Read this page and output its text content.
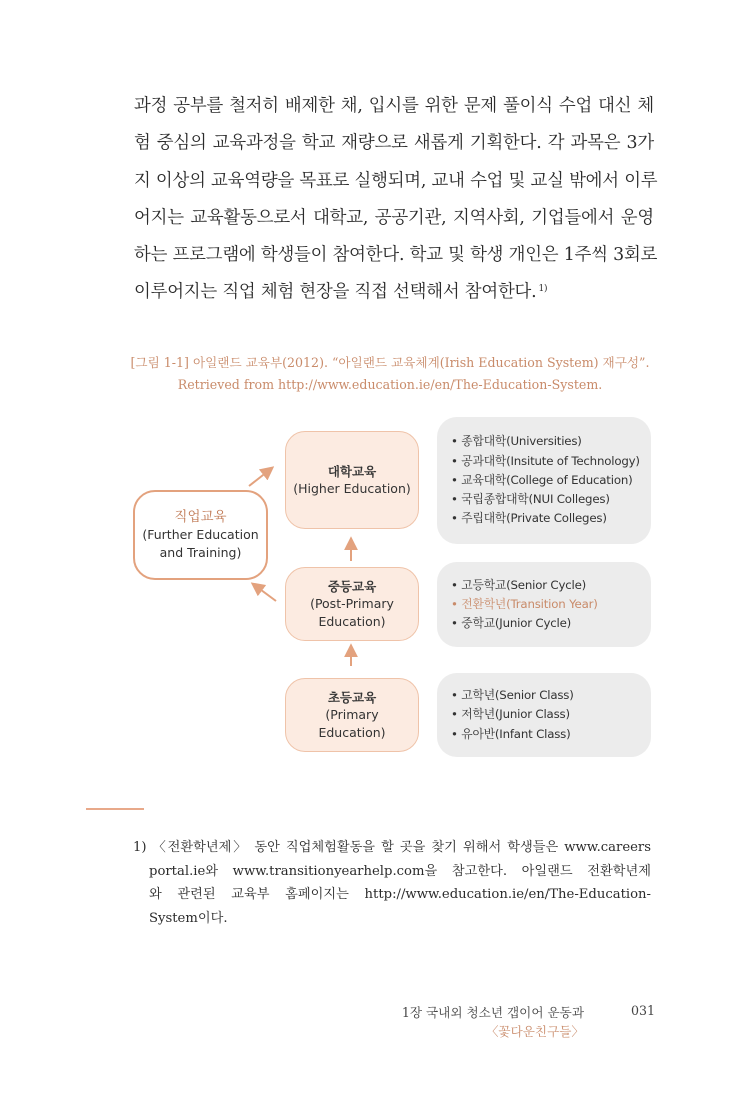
과정 공부를 철저히 배제한 채, 입시를 위한 문제 풀이식 수업 대신 체
험 중심의 교육과정을 학교 재량으로 새롭게 기획한다. 각 과목은 3가
지 이상의 교육역량을 목표로 실행되며, 교내 수업 및 교실 밖에서 이루
어지는 교육활동으로서 대학교, 공공기관, 지역사회, 기업들에서 운영
하는 프로그램에 학생들이 참여한다. 학교 및 학생 개인은 1주씩 3회로
이루어지는 직업 체험 현장을 직접 선택해서 참여한다. $^{1)}$

[그림 1-1] 아일랜드 교육부(2012). “아일랜드 교육체계(Irish Education System) 재구성”.

Retrieved from http://www.education.ie/en/The-Education-System.

직업교육
(Further Education
and Training)
대학교육
(Higher Education)
중등교육
(Post-Primary
Education)
초등교육
(Primary
Education)
• 종합대학(Universities)
• 공과대학(Insitute of Technology)
• 교육대학(College of Education)
• 국립종합대학(NUI Colleges)
• 주립대학(Private Colleges)
• 고등학교(Senior Cycle)
• 전환학년(Transition Year)
• 중학교(Junior Cycle)
• 고학년(Senior Class)
• 저학년(Junior Class)
• 유아반(Infant Class)
1) 〈전환학년제〉 동안 직업체험활동을 할 곳을 찾기 위해서 학생들은 www.careers
portal.ie와 www.transitionyearhelp.com을 참고한다. 아일랜드 전환학년제
와 관련된 교육부 홈페이지는 http://www.education.ie/en/The-Education-
System이다.
1장 국내외 청소년 갭이어 운동과
〈꽃다운친구들〉
031
